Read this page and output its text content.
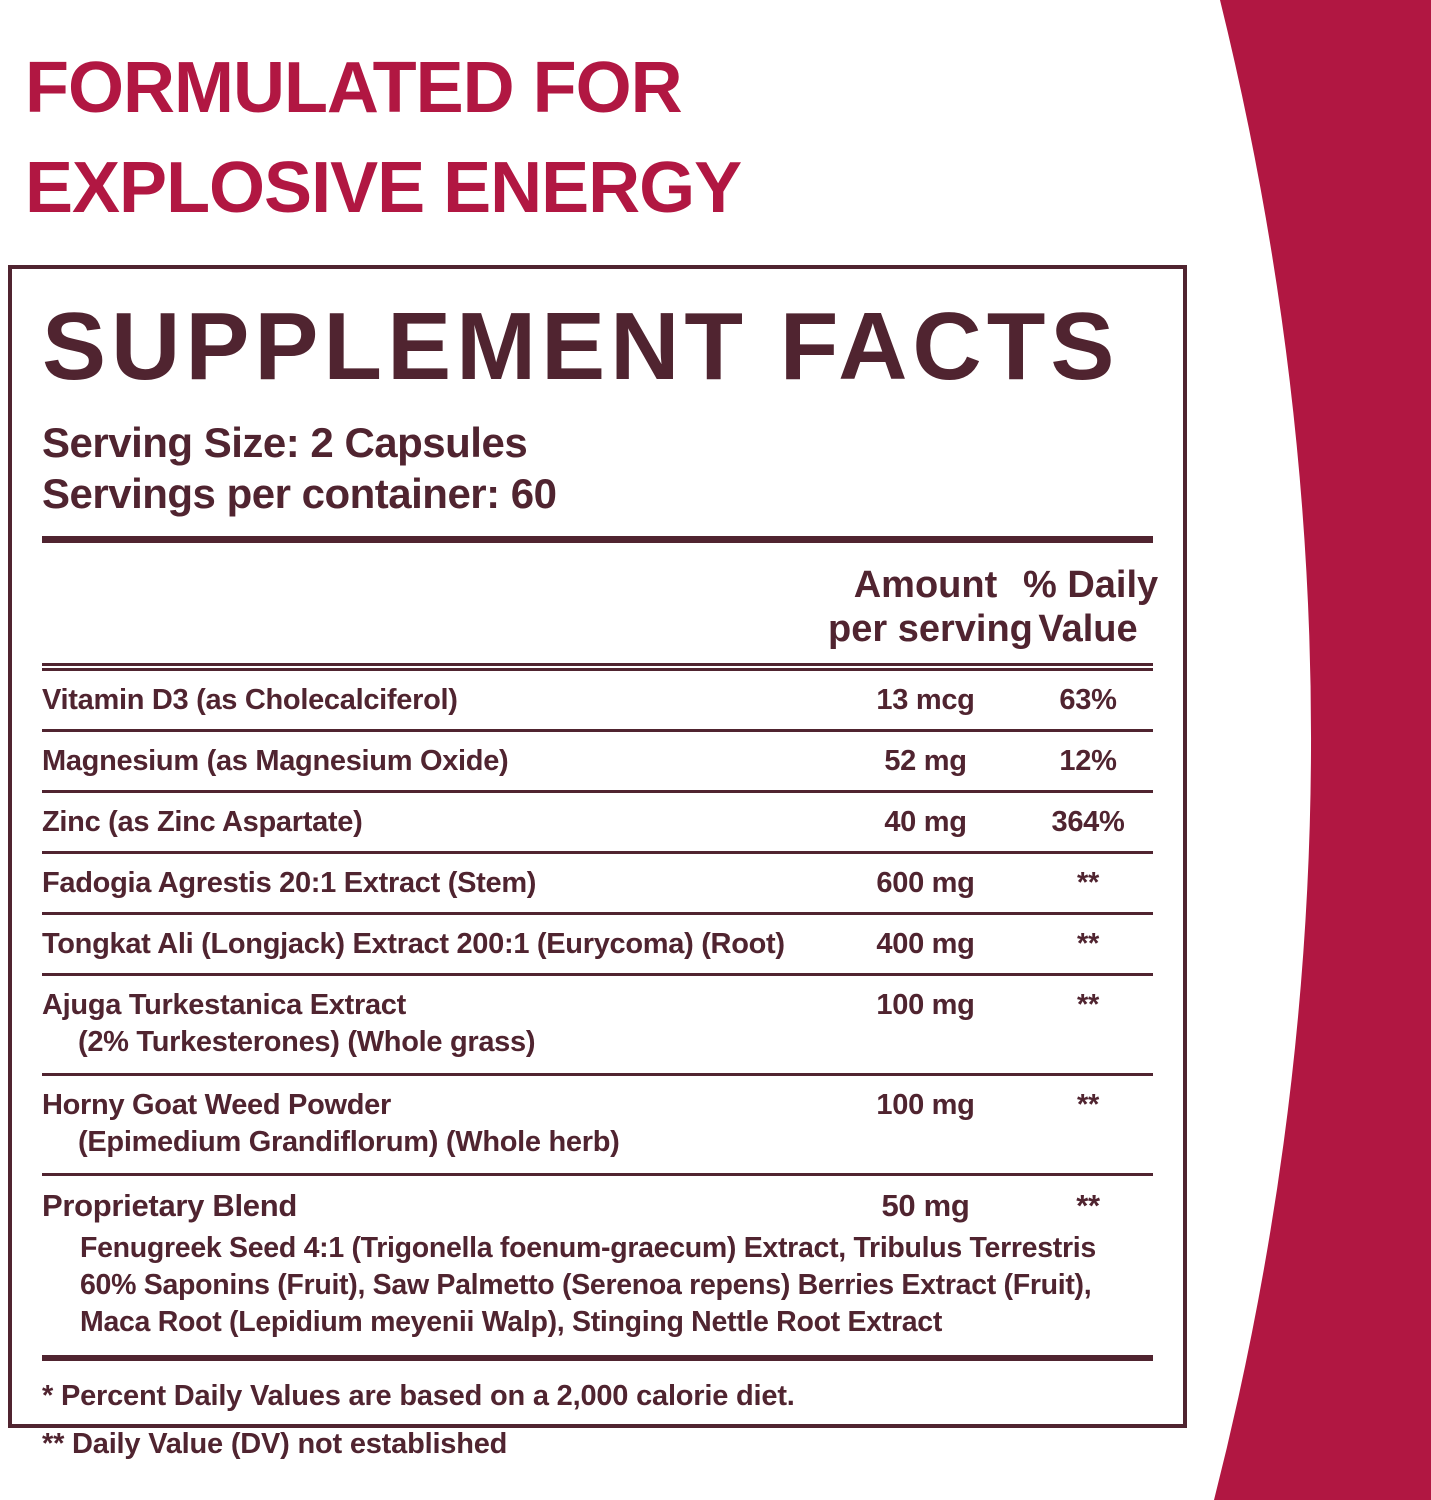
FORMULATED FOR
EXPLOSIVE ENERGY
SUPPLEMENT FACTS
Serving Size: 2 Capsules
Servings per container: 60
Amount
per serving
% Daily
Value
Vitamin D3 (as Cholecalciferol)	13 mcg	63%
Magnesium (as Magnesium Oxide)	52 mg	12%
Zinc (as Zinc Aspartate)	40 mg	364%
Fadogia Agrestis 20:1 Extract (Stem)	600 mg	**
Tongkat Ali (Longjack) Extract 200:1 (Eurycoma) (Root)	400 mg	**
Ajuga Turkestanica Extract
(2% Turkesterones) (Whole grass)
100 mg	**
Horny Goat Weed Powder
(Epimedium Grandiflorum) (Whole herb)
100 mg	**
Proprietary Blend	50 mg	**
Fenugreek Seed 4:1 (Trigonella foenum-graecum) Extract, Tribulus Terrestris 60% Saponins (Fruit), Saw Palmetto (Serenoa repens) Berries Extract (Fruit), Maca Root (Lepidium meyenii Walp), Stinging Nettle Root Extract
* Percent Daily Values are based on a 2,000 calorie diet.
** Daily Value (DV) not established
